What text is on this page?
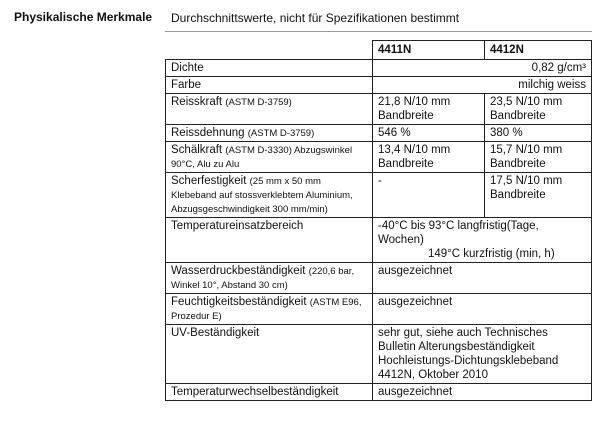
Physikalische Merkmale Durchschnittswerte, nicht für Spezifikationen bestimmt
	4411N	4412N
Dichte	0,82 g/cm³	
Farbe	milchig weiss	
Reisskraft (ASTM D-3759)	21,8 N/10 mm Bandbreite	23,5 N/10 mm Bandbreite
Reissdehnung (ASTM D-3759)	546 %	380 %
Schälkraft (ASTM D-3330) Abzugswinkel 90°C, Alu zu Alu	13,4 N/10 mm Bandbreite	15,7 N/10 mm Bandbreite
Scherfestigkeit (25 mm x 50 mm Klebeband auf stossverklebtem Aluminium, Abzugsgeschwindigkeit 300 mm/min)	-	17,5 N/10 mm Bandbreite
Temperatureinsatzbereich	-40°C bis 93°C langfristig(Tage, Wochen)
149°C kurzfristig (min, h)	

Wasserdruckbeständigkeit (220,6 bar, Winkel 10°, Abstand 30 cm)	ausgezeichnet	
Feuchtigkeitsbeständigkeit (ASTM E96, Prozedur E)	ausgezeichnet	
UV-Beständigkeit	sehr gut, siehe auch Technisches Bulletin Alterungsbeständigkeit Hochleistungs-Dichtungsklebeband 4412N, Oktober 2010	
Temperaturwechselbeständigkeit	ausgezeichnet	
